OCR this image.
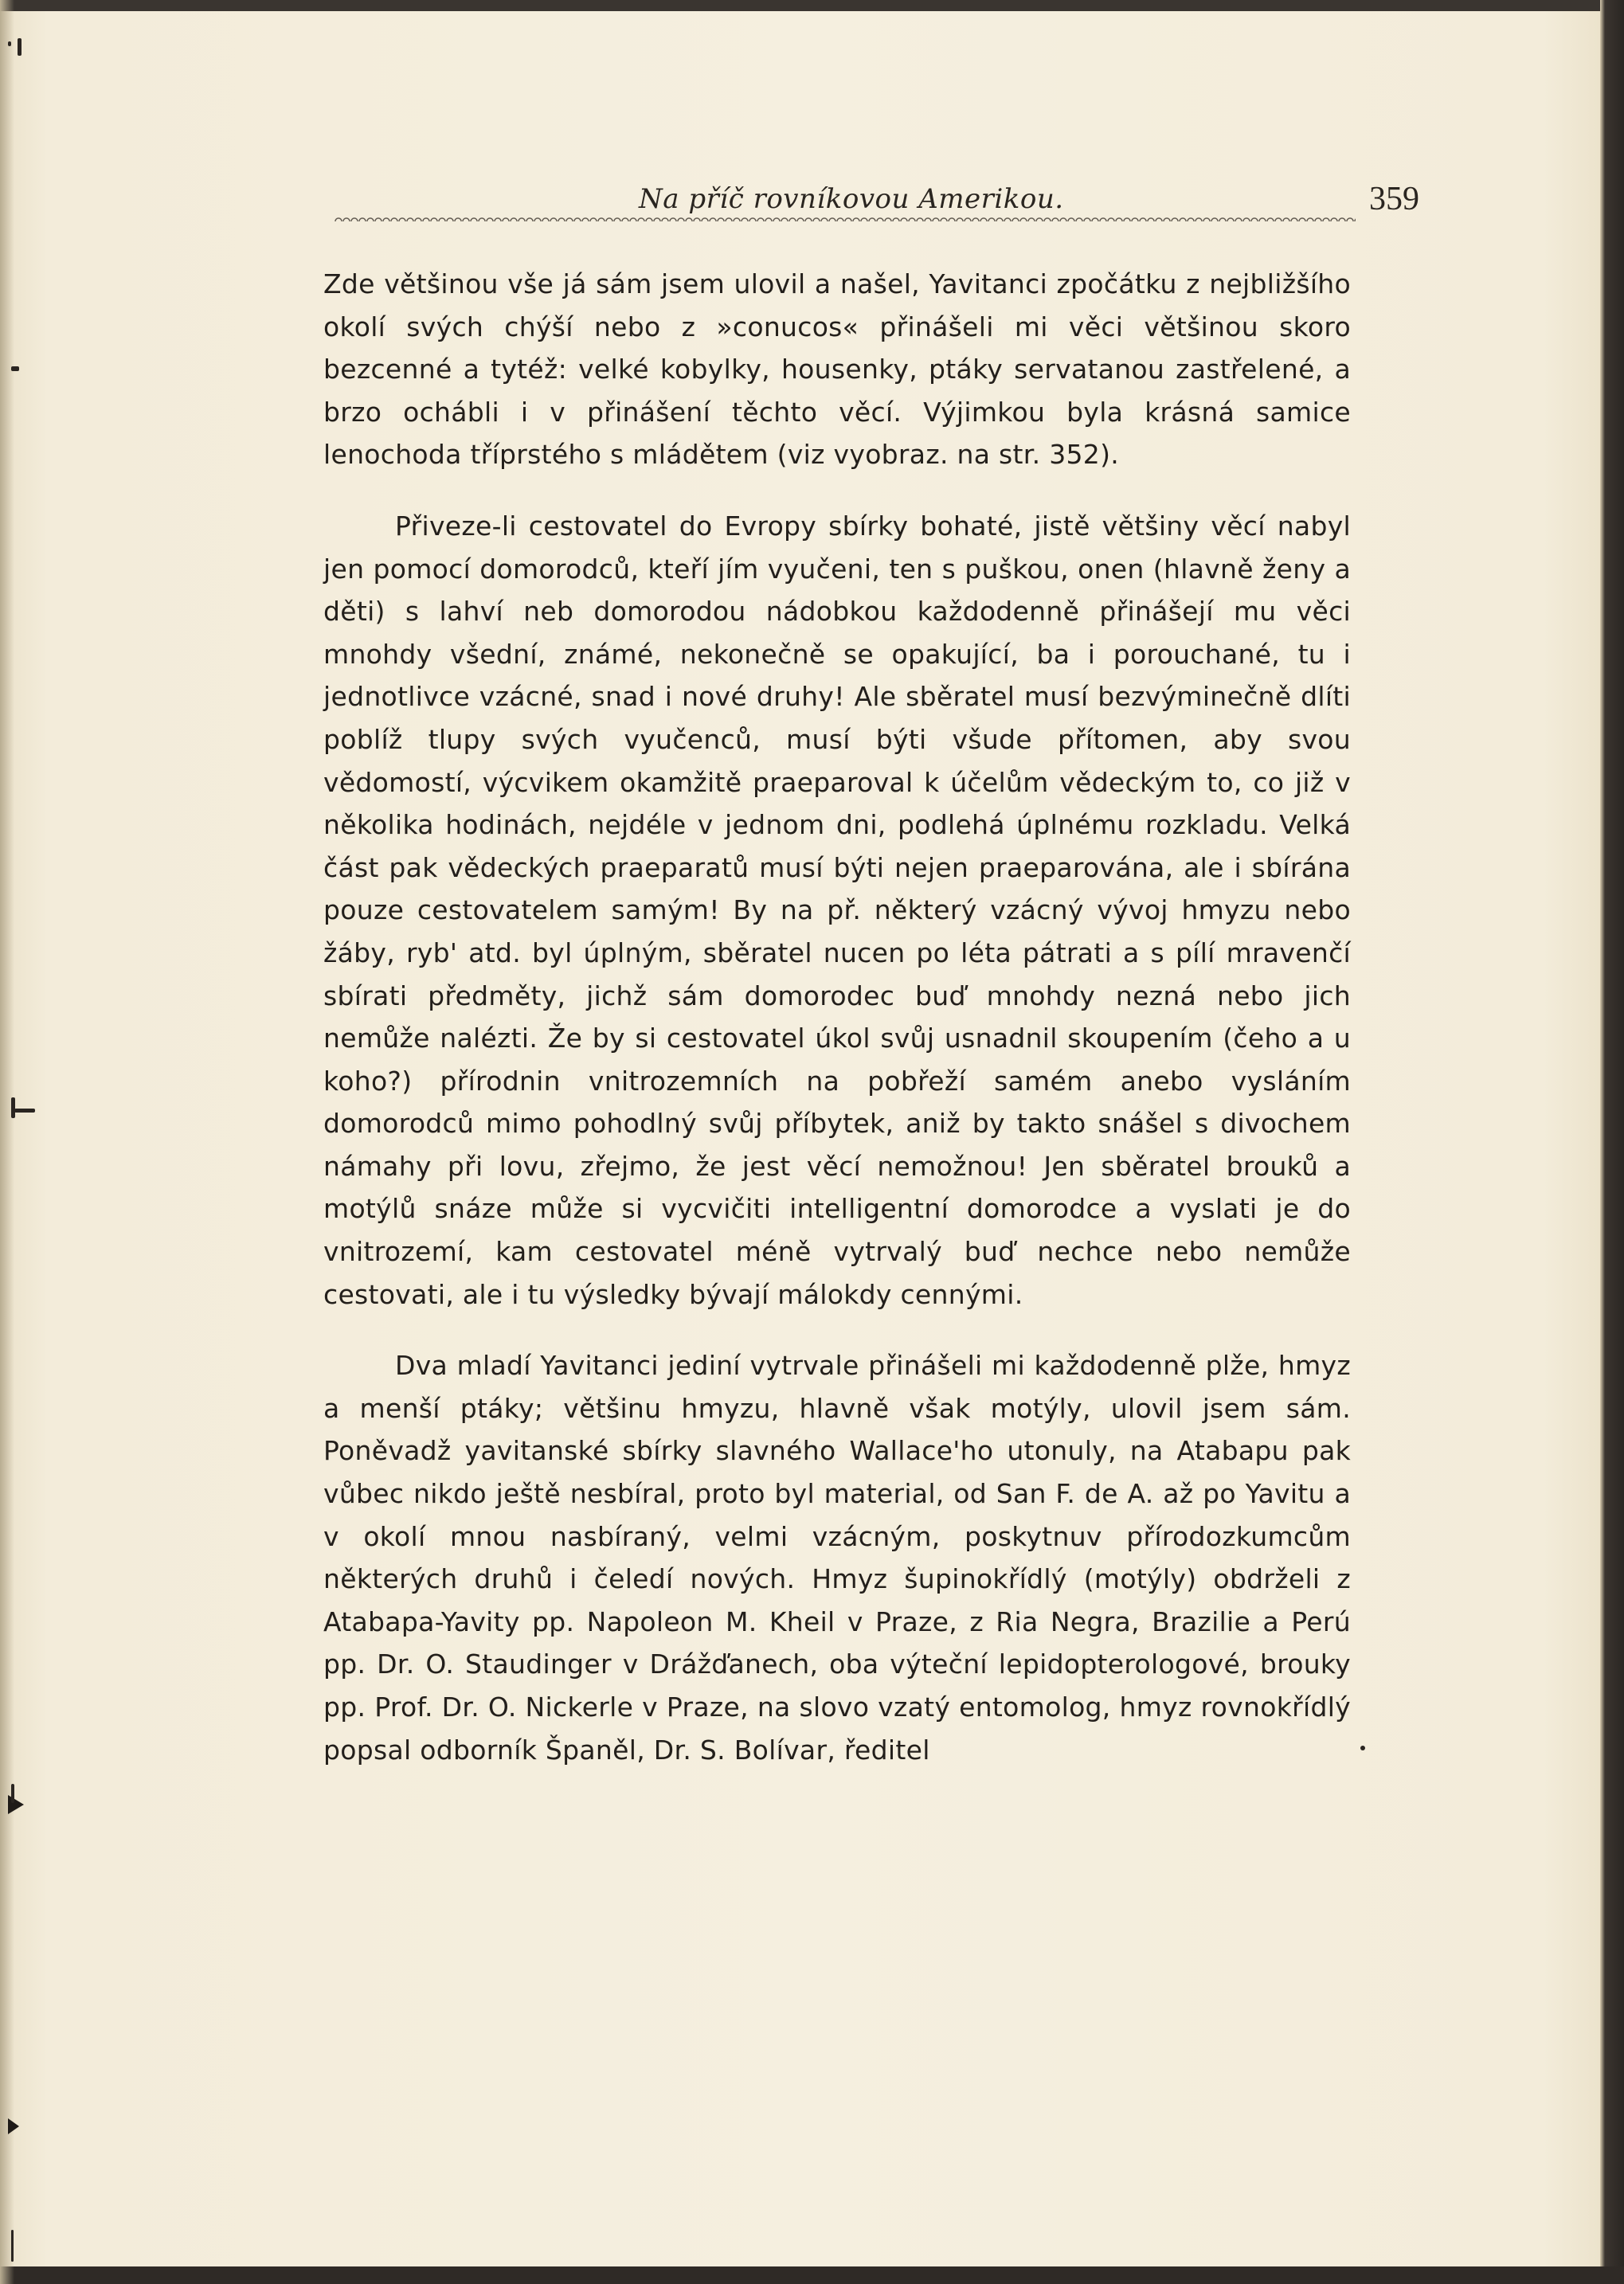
Na příč rovníkovou Amerikou.	359

Zde většinou vše já sám jsem ulovil a našel, Yavitanci zpočátku z nejbližšího okolí svých chýší nebo z »conucos« přinášeli mi věci většinou skoro bezcenné a tytéž: velké kobylky, housenky, ptáky servatanou zastřelené, a brzo ochábli i v přinášení těchto věcí. Výjimkou byla krásná samice lenochoda tříprstého s mládětem (viz vyobraz. na str. 352).

Přiveze-li cestovatel do Evropy sbírky bohaté, jistě většiny věcí nabyl jen pomocí domorodců, kteří jím vyučeni, ten s puškou, onen (hlavně ženy a děti) s lahví neb domorodou nádobkou každodenně přinášejí mu věci mnohdy všední, známé, nekonečně se opakující, ba i porouchané, tu i jednotlivce vzácné, snad i nové druhy! Ale sběratel musí bezvýminečně dlíti poblíž tlupy svých vyučenců, musí býti všude přítomen, aby svou vědomostí, výcvikem okamžitě praeparoval k účelům vědeckým to, co již v několika hodinách, nejdéle v jednom dni, podlehá úplnému rozkladu. Velká část pak vědeckých praeparatů musí býti nejen praeparována, ale i sbírána pouze cestovatelem samým! By na př. některý vzácný vývoj hmyzu nebo žáby, ryb' atd. byl úplným, sběratel nucen po léta pátrati a s pílí mravenčí sbírati předměty, jichž sám domorodec buď mnohdy nezná nebo jich nemůže nalézti. Že by si cestovatel úkol svůj usnadnil skoupením (čeho a u koho?) přírodnin vnitrozemních na pobřeží samém anebo vysláním domorodců mimo pohodlný svůj příbytek, aniž by takto snášel s divochem námahy při lovu, zřejmo, že jest věcí nemožnou! Jen sběratel brouků a motýlů snáze může si vycvičiti intelligentní domorodce a vyslati je do vnitrozemí, kam cestovatel méně vytrvalý buď nechce nebo nemůže cestovati, ale i tu výsledky bývají málokdy cennými.

Dva mladí Yavitanci jediní vytrvale přinášeli mi každodenně plže, hmyz a menší ptáky; většinu hmyzu, hlavně však motýly, ulovil jsem sám. Poněvadž yavitanské sbírky slavného Wallace'ho utonuly, na Atabapu pak vůbec nikdo ještě nesbíral, proto byl material, od San F. de A. až po Yavitu a v okolí mnou nasbíraný, velmi vzácným, poskytnuv přírodozkumcům některých druhů i čeledí nových. Hmyz šupinokřídlý (motýly) obdrželi z Atabapa-Yavity pp. Napoleon M. Kheil v Praze, z Ria Negra, Brazilie a Perú pp. Dr. O. Staudinger v Drážďanech, oba výteční lepidopterologové, brouky pp. Prof. Dr. O. Nickerle v Praze, na slovo vzatý entomolog, hmyz rovnokřídlý popsal odborník Španěl, Dr. S. Bolívar, ředitel
